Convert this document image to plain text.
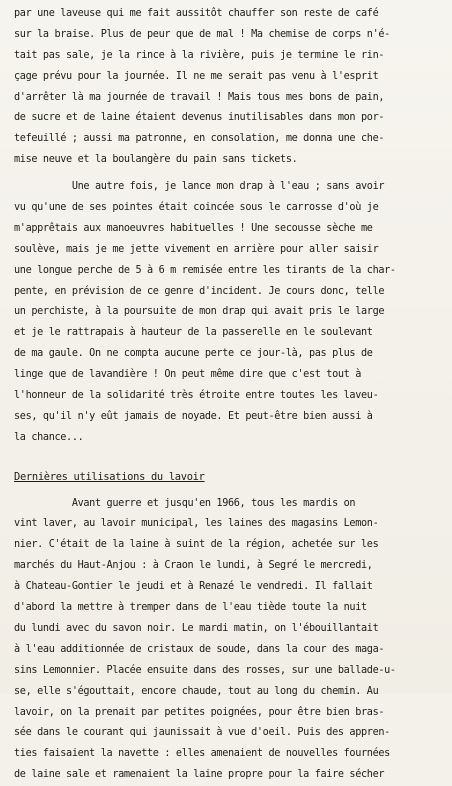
par une laveuse qui me fait aussitôt chauffer son reste de café
sur la braise. Plus de peur que de mal ! Ma chemise de corps n'é-
tait pas sale, je la rince à la rivière, puis je termine le rin-
çage prévu pour la journée. Il ne me serait pas venu à l'esprit
d'arrêter là ma journée de travail ! Mais tous mes bons de pain,
de sucre et de laine étaient devenus inutilisables dans mon por-
tefeuillé ; aussi ma patronne, en consolation, me donna une che-
mise neuve et la boulangère du pain sans tickets.
Une autre fois, je lance mon drap à l'eau ; sans avoir
vu qu'une de ses pointes était coincée sous le carrosse d'où je
m'apprêtais aux manoeuvres habituelles ! Une secousse sèche me
soulève, mais je me jette vivement en arrière pour aller saisir
une longue perche de 5 à 6 m remisée entre les tirants de la char-
pente, en prévision de ce genre d'incident. Je cours donc, telle
un perchiste, à la poursuite de mon drap qui avait pris le large
et je le rattrapais à hauteur de la passerelle en le soulevant
de ma gaule. On ne compta aucune perte ce jour-là, pas plus de
linge que de lavandière ! On peut même dire que c'est tout à
l'honneur de la solidarité très étroite entre toutes les laveu-
ses, qu'il n'y eût jamais de noyade. Et peut-être bien aussi à
la chance...
Dernières utilisations du lavoir
Avant guerre et jusqu'en 1966, tous les mardis on
vint laver, au lavoir municipal, les laines des magasins Lemon-
nier. C'était de la laine à suint de la région, achetée sur les
marchés du Haut-Anjou : à Craon le lundi, à Segré le mercredi,
à Chateau-Gontier le jeudi et à Renazé le vendredi. Il fallait
d'abord la mettre à tremper dans de l'eau tiède toute la nuit
du lundi avec du savon noir. Le mardi matin, on l'ébouillantait
à l'eau additionnée de cristaux de soude, dans la cour des maga-
sins Lemonnier. Placée ensuite dans des rosses, sur une ballade-u-
se, elle s'égouttait, encore chaude, tout au long du chemin. Au
lavoir, on la prenait par petites poignées, pour être bien bras-
sée dans le courant qui jaunissait à vue d'oeil. Puis des appren-
ties faisaient la navette : elles amenaient de nouvelles fournées
de laine sale et ramenaient la laine propre pour la faire sécher
